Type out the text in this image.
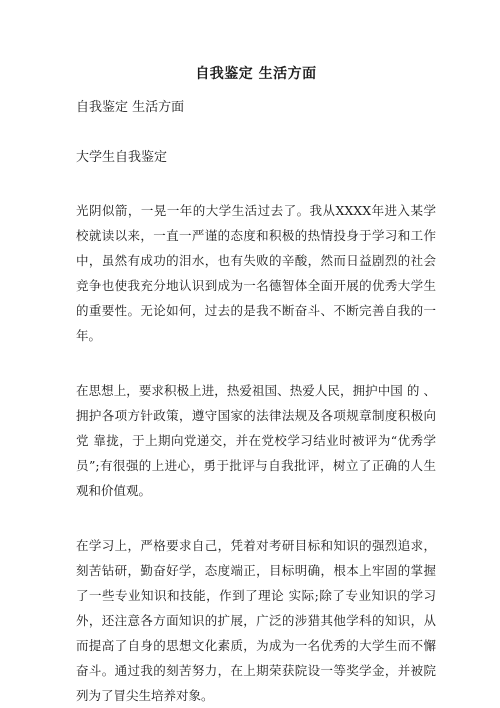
自我鉴定 生活方面

自我鉴定 生活方面

大学生自我鉴定

光阴似箭，一晃一年的大学生活过去了。我从XXXX年进入某学校就读以来，一直一严谨的态度和积极的热情投身于学习和工作中，虽然有成功的泪水，也有失败的辛酸，然而日益剧烈的社会竞争也使我充分地认识到成为一名德智体全面开展的优秀大学生的重要性。无论如何，过去的是我不断奋斗、不断完善自我的一年。

在思想上，要求积极上进，热爱祖国、热爱人民，拥护中国 的 、拥护各项方针政策，遵守国家的法律法规及各项规章制度积极向党 靠拢，于上期向党递交，并在党校学习结业时被评为“优秀学员”;有很强的上进心，勇于批评与自我批评，树立了正确的人生观和价值观。

在学习上，严格要求自己，凭着对考研目标和知识的强烈追求，刻苦钻研，勤奋好学，态度端正，目标明确，根本上牢固的掌握了一些专业知识和技能，作到了理论 实际;除了专业知识的学习外，还注意各方面知识的扩展，广泛的涉猎其他学科的知识，从而提高了自身的思想文化素质，为成为一名优秀的大学生而不懈奋斗。通过我的刻苦努力，在上期荣获院设一等奖学金，并被院列为了冒尖生培养对象。
